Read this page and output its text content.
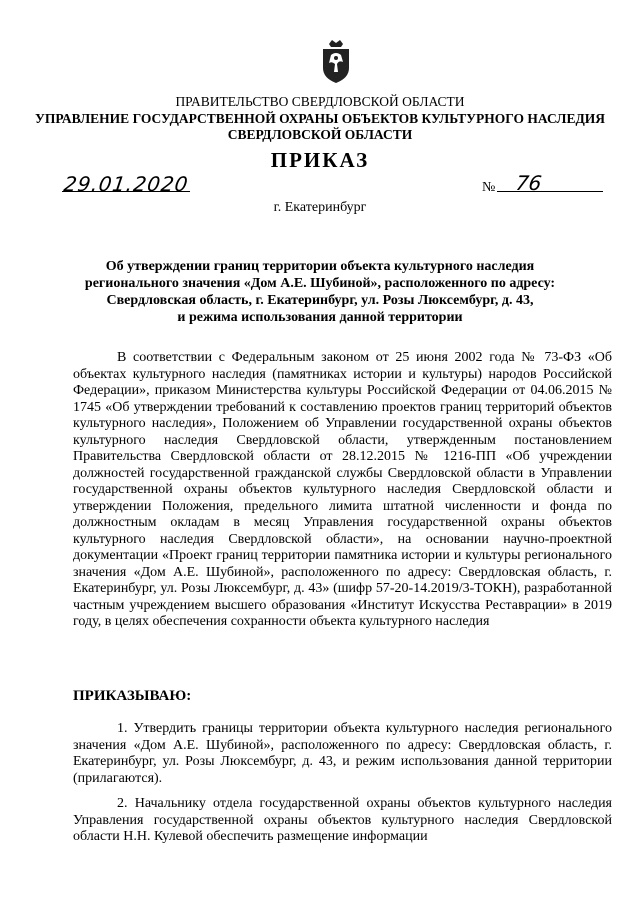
ПРАВИТЕЛЬСТВО СВЕРДЛОВСКОЙ ОБЛАСТИ
УПРАВЛЕНИЕ ГОСУДАРСТВЕННОЙ ОХРАНЫ ОБЪЕКТОВ КУЛЬТУРНОГО НАСЛЕДИЯ
СВЕРДЛОВСКОЙ ОБЛАСТИ
ПРИКАЗ
29.01.2020	№ 76
г. Екатеринбург
Об утверждении границ территории объекта культурного наследия
регионального значения «Дом А.Е. Шубиной», расположенного по адресу:
Свердловская область, г. Екатеринбург, ул. Розы Люксембург, д. 43,
и режима использования данной территории
В соответствии с Федеральным законом от 25 июня 2002 года № 73-ФЗ «Об объектах культурного наследия (памятниках истории и культуры) народов Российской Федерации», приказом Министерства культуры Российской Федерации от 04.06.2015 № 1745 «Об утверждении требований к составлению проектов границ территорий объектов культурного наследия», Положением об Управлении государственной охраны объектов культурного наследия Свердловской области, утвержденным постановлением Правительства Свердловской области от 28.12.2015 № 1216-ПП «Об учреждении должностей государственной гражданской службы Свердловской области в Управлении государственной охраны объектов культурного наследия Свердловской области и утверждении Положения, предельного лимита штатной численности и фонда по должностным окладам в месяц Управления государственной охраны объектов культурного наследия Свердловской области», на основании научно-проектной документации «Проект границ территории памятника истории и культуры регионального значения «Дом А.Е. Шубиной», расположенного по адресу: Свердловская область, г. Екатеринбург, ул. Розы Люксембург, д. 43» (шифр 57-20-14.2019/3-ТОКН), разработанной частным учреждением высшего образования «Институт Искусства Реставрации» в 2019 году, в целях обеспечения сохранности объекта культурного наследия
ПРИКАЗЫВАЮ:
1. Утвердить границы территории объекта культурного наследия регионального значения «Дом А.Е. Шубиной», расположенного по адресу: Свердловская область, г. Екатеринбург, ул. Розы Люксембург, д. 43, и режим использования данной территории (прилагаются).
2. Начальнику отдела государственной охраны объектов культурного наследия Управления государственной охраны объектов культурного наследия Свердловской области Н.Н. Кулевой обеспечить размещение информации
